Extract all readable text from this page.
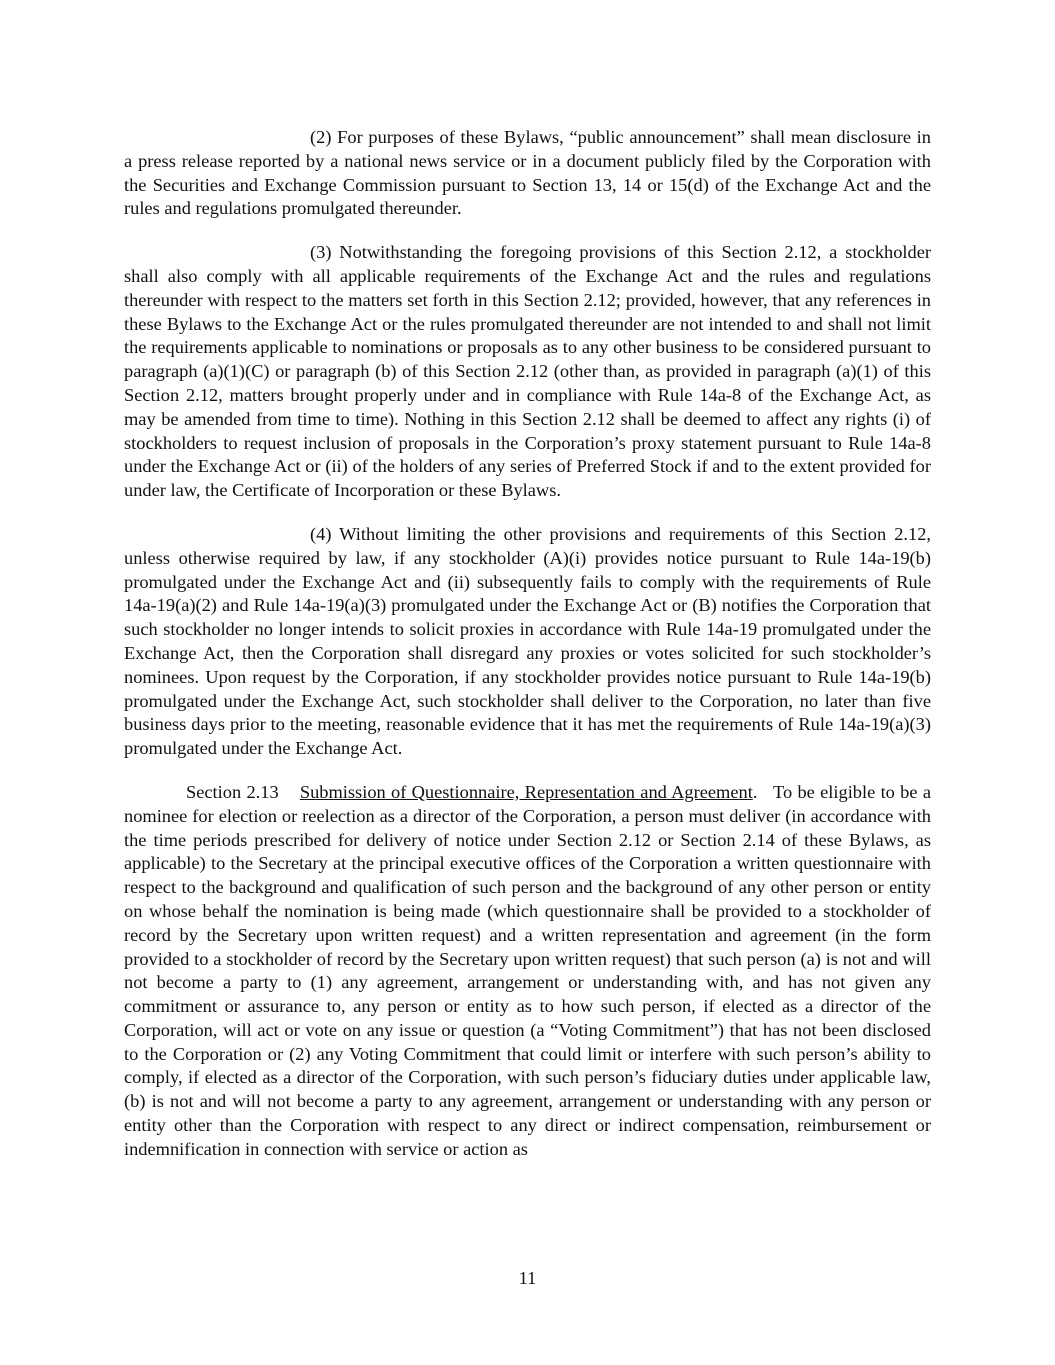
(2) For purposes of these Bylaws, “public announcement” shall mean disclosure in a press release reported by a national news service or in a document publicly filed by the Corporation with the Securities and Exchange Commission pursuant to Section 13, 14 or 15(d) of the Exchange Act and the rules and regulations promulgated thereunder.

(3) Notwithstanding the foregoing provisions of this Section 2.12, a stockholder shall also comply with all applicable requirements of the Exchange Act and the rules and regulations thereunder with respect to the matters set forth in this Section 2.12; provided, however, that any references in these Bylaws to the Exchange Act or the rules promulgated thereunder are not intended to and shall not limit the requirements applicable to nominations or proposals as to any other business to be considered pursuant to paragraph (a)(1)(C) or paragraph (b) of this Section 2.12 (other than, as provided in paragraph (a)(1) of this Section 2.12, matters brought properly under and in compliance with Rule 14a-8 of the Exchange Act, as may be amended from time to time). Nothing in this Section 2.12 shall be deemed to affect any rights (i) of stockholders to request inclusion of proposals in the Corporation’s proxy statement pursuant to Rule 14a-8 under the Exchange Act or (ii) of the holders of any series of Preferred Stock if and to the extent provided for under law, the Certificate of Incorporation or these Bylaws.

(4) Without limiting the other provisions and requirements of this Section 2.12, unless otherwise required by law, if any stockholder (A)(i) provides notice pursuant to Rule 14a-19(b) promulgated under the Exchange Act and (ii) subsequently fails to comply with the requirements of Rule 14a-19(a)(2) and Rule 14a-19(a)(3) promulgated under the Exchange Act or (B) notifies the Corporation that such stockholder no longer intends to solicit proxies in accordance with Rule 14a-19 promulgated under the Exchange Act, then the Corporation shall disregard any proxies or votes solicited for such stockholder’s nominees. Upon request by the Corporation, if any stockholder provides notice pursuant to Rule 14a-19(b) promulgated under the Exchange Act, such stockholder shall deliver to the Corporation, no later than five business days prior to the meeting, reasonable evidence that it has met the requirements of Rule 14a-19(a)(3) promulgated under the Exchange Act.

Section 2.13 Submission of Questionnaire, Representation and Agreement. To be eligible to be a nominee for election or reelection as a director of the Corporation, a person must deliver (in accordance with the time periods prescribed for delivery of notice under Section 2.12 or Section 2.14 of these Bylaws, as applicable) to the Secretary at the principal executive offices of the Corporation a written questionnaire with respect to the background and qualification of such person and the background of any other person or entity on whose behalf the nomination is being made (which questionnaire shall be provided to a stockholder of record by the Secretary upon written request) and a written representation and agreement (in the form provided to a stockholder of record by the Secretary upon written request) that such person (a) is not and will not become a party to (1) any agreement, arrangement or understanding with, and has not given any commitment or assurance to, any person or entity as to how such person, if elected as a director of the Corporation, will act or vote on any issue or question (a “Voting Commitment”) that has not been disclosed to the Corporation or (2) any Voting Commitment that could limit or interfere with such person’s ability to comply, if elected as a director of the Corporation, with such person’s fiduciary duties under applicable law, (b) is not and will not become a party to any agreement, arrangement or understanding with any person or entity other than the Corporation with respect to any direct or indirect compensation, reimbursement or indemnification in connection with service or action as

11
